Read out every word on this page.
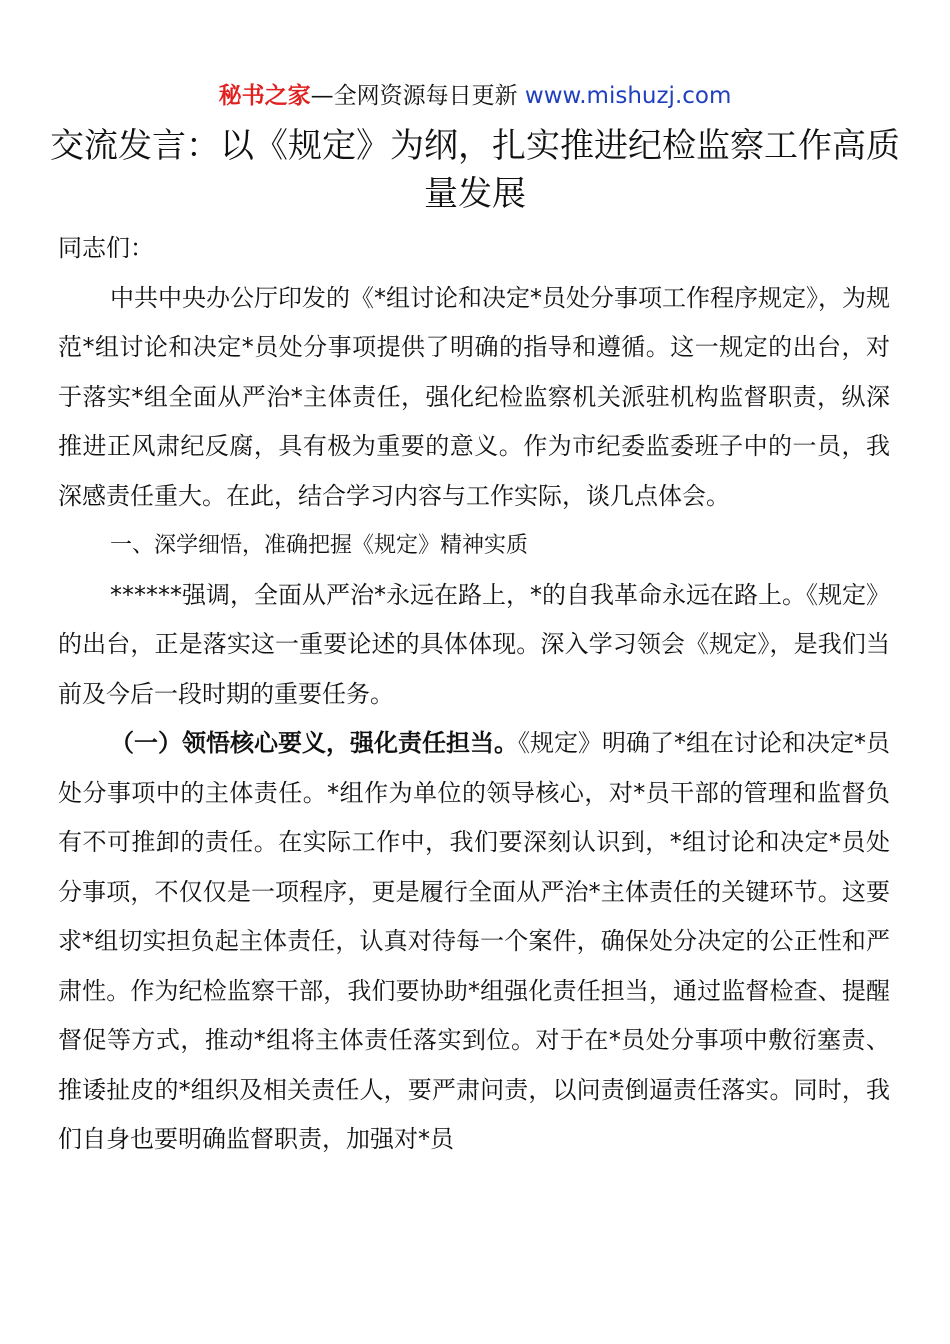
秘书之家—全网资源每日更新 www.mishuzj.com
交流发言：以《规定》为纲，扎实推进纪检监察工作高质量发展

同志们：

中共中央办公厅印发的《*组讨论和决定*员处分事项工作程序规定》，为规范*组讨论和决定*员处分事项提供了明确的指导和遵循。这一规定的出台，对于落实*组全面从严治*主体责任，强化纪检监察机关派驻机构监督职责，纵深推进正风肃纪反腐，具有极为重要的意义。作为市纪委监委班子中的一员，我深感责任重大。在此，结合学习内容与工作实际，谈几点体会。

一、深学细悟，准确把握《规定》精神实质

******强调，全面从严治*永远在路上，*的自我革命永远在路上。《规定》的出台，正是落实这一重要论述的具体体现。深入学习领会《规定》，是我们当前及今后一段时期的重要任务。

（一）领悟核心要义，强化责任担当。《规定》明确了*组在讨论和决定*员处分事项中的主体责任。*组作为单位的领导核心，对*员干部的管理和监督负有不可推卸的责任。在实际工作中，我们要深刻认识到，*组讨论和决定*员处分事项，不仅仅是一项程序，更是履行全面从严治*主体责任的关键环节。这要求*组切实担负起主体责任，认真对待每一个案件，确保处分决定的公正性和严肃性。作为纪检监察干部，我们要协助*组强化责任担当，通过监督检查、提醒督促等方式，推动*组将主体责任落实到位。对于在*员处分事项中敷衍塞责、推诿扯皮的*组织及相关责任人，要严肃问责，以问责倒逼责任落实。同时，我们自身也要明确监督职责，加强对*员
